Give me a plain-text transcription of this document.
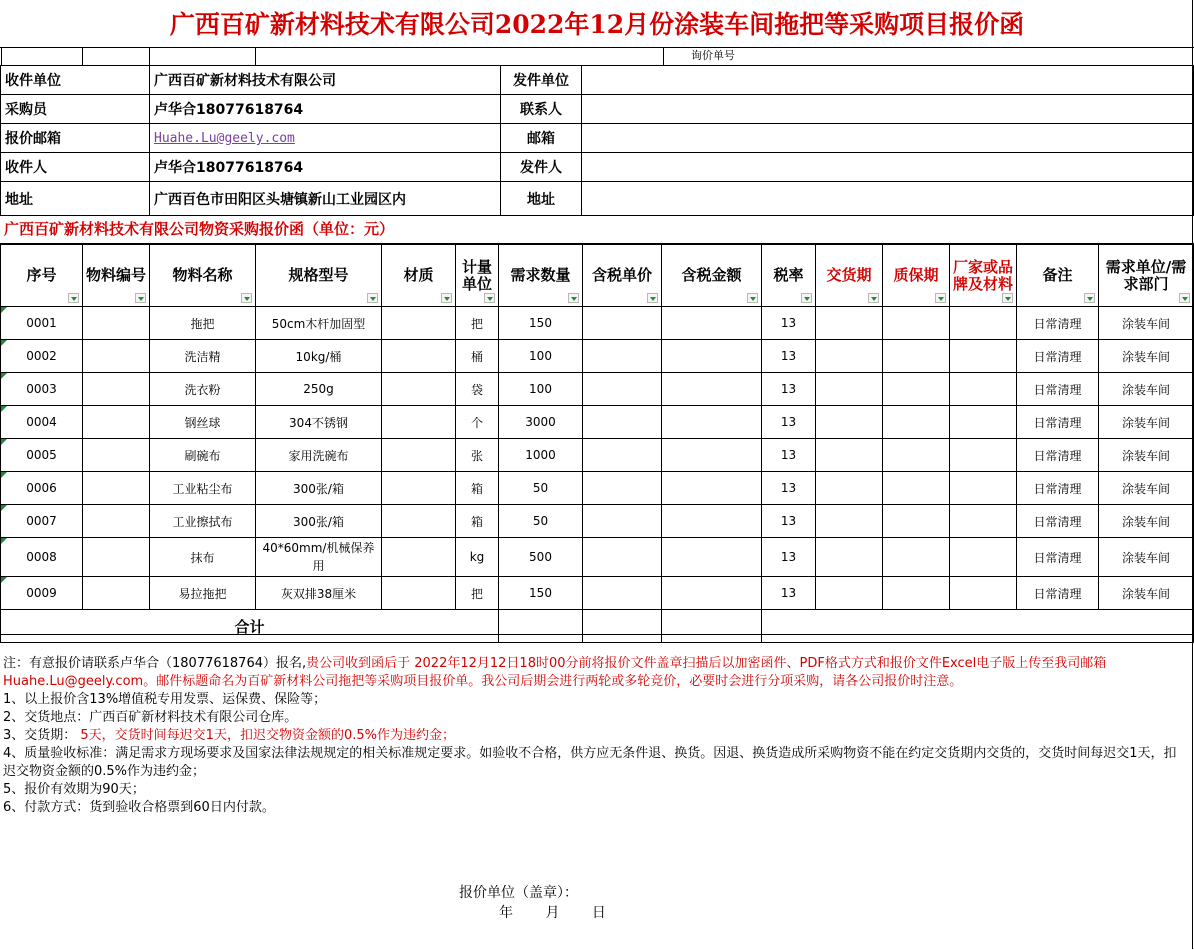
广西百矿新材料技术有限公司2022年12月份涂装车间拖把等采购项目报价函
询价单号
收件单位	广西百矿新材料技术有限公司	发件单位	
采购员	卢华合18077618764	联系人	
报价邮箱	Huahe.Lu@geely.com	邮箱	
收件人	卢华合18077618764	发件人	
地址	广西百色市田阳区头塘镇新山工业园区内	地址	
广西百矿新材料技术有限公司物资采购报价函（单位：元）
序号	物料编号	物料名称	规格型号	材质	计量单位	需求数量	含税单价	含税金额	税率	交货期	质保期	厂家或品牌及材料	备注	需求单位/需求部门

0001		拖把	50cm木杆加固型		把	150			13				日常清理	涂装车间
0002		洗洁精	10kg/桶		桶	100			13				日常清理	涂装车间
0003		洗衣粉	250g		袋	100			13				日常清理	涂装车间
0004		钢丝球	304不锈钢		个	3000			13				日常清理	涂装车间
0005		刷碗布	家用洗碗布		张	1000			13				日常清理	涂装车间
0006		工业粘尘布	300张/箱		箱	50			13				日常清理	涂装车间
0007		工业擦拭布	300张/箱		箱	50			13				日常清理	涂装车间
0008		抹布	40*60mm/机械保养用		kg	500			13				日常清理	涂装车间
0009		易拉拖把	灰双排38厘米		把	150			13				日常清理	涂装车间
合计														
注：有意报价请联系卢华合（18077618764）报名,贵公司收到函后于 2022年12月12日18时00分前将报价文件盖章扫描后以加密函件、PDF格式方式和报价文件Excel电子版上传至我司邮箱Huahe.Lu@geely.com。邮件标题命名为百矿新材料公司拖把等采购项目报价单。我公司后期会进行两轮或多轮竞价，必要时会进行分项采购，请各公司报价时注意。
1、以上报价含13%增值税专用发票、运保费、保险等；
2、交货地点：广西百矿新材料技术有限公司仓库。
3、交货期： 5天，交货时间每迟交1天，扣迟交物资金额的0.5%作为违约金；
4、质量验收标准：满足需求方现场要求及国家法律法规规定的相关标准规定要求。如验收不合格，供方应无条件退、换货。因退、换货造成所采购物资不能在约定交货期内交货的，交货时间每迟交1天，扣迟交物资金额的0.5%作为违约金；
5、报价有效期为90天；
6、付款方式：货到验收合格票到60日内付款。
报价单位（盖章）：
年 月 日
